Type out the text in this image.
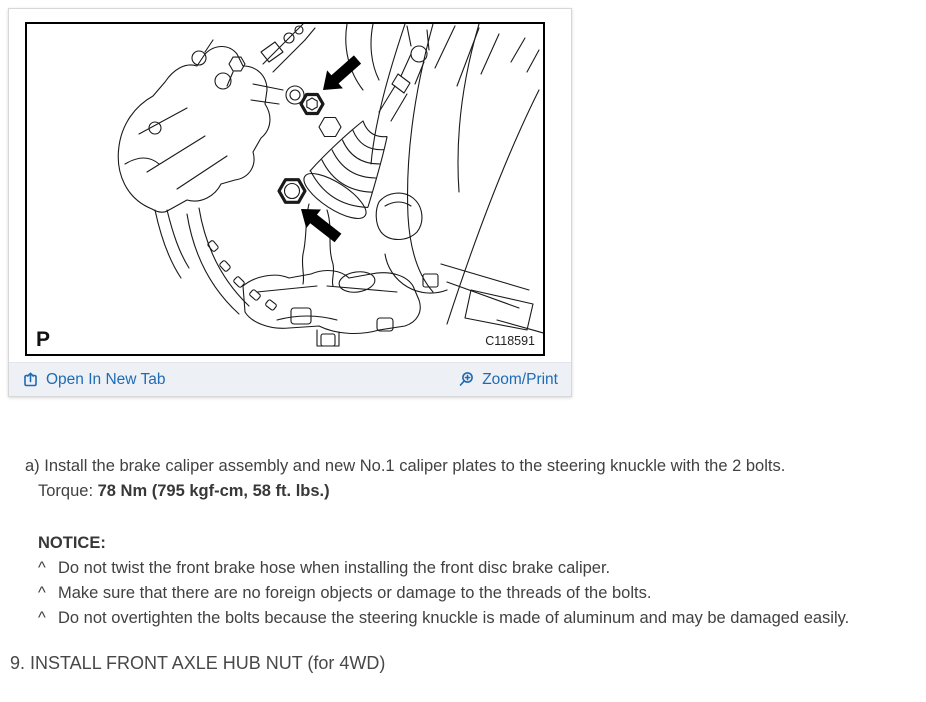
P	C118591
Open In New Tab	Zoom/Print
a) Install the brake caliper assembly and new No.1 caliper plates to the steering knuckle with the 2 bolts.
Torque: 78 Nm (795 kgf-cm, 58 ft. lbs.)
NOTICE:
^ Do not twist the front brake hose when installing the front disc brake caliper.
^ Make sure that there are no foreign objects or damage to the threads of the bolts.
^ Do not overtighten the bolts because the steering knuckle is made of aluminum and may be damaged easily.
9. INSTALL FRONT AXLE HUB NUT (for 4WD)
